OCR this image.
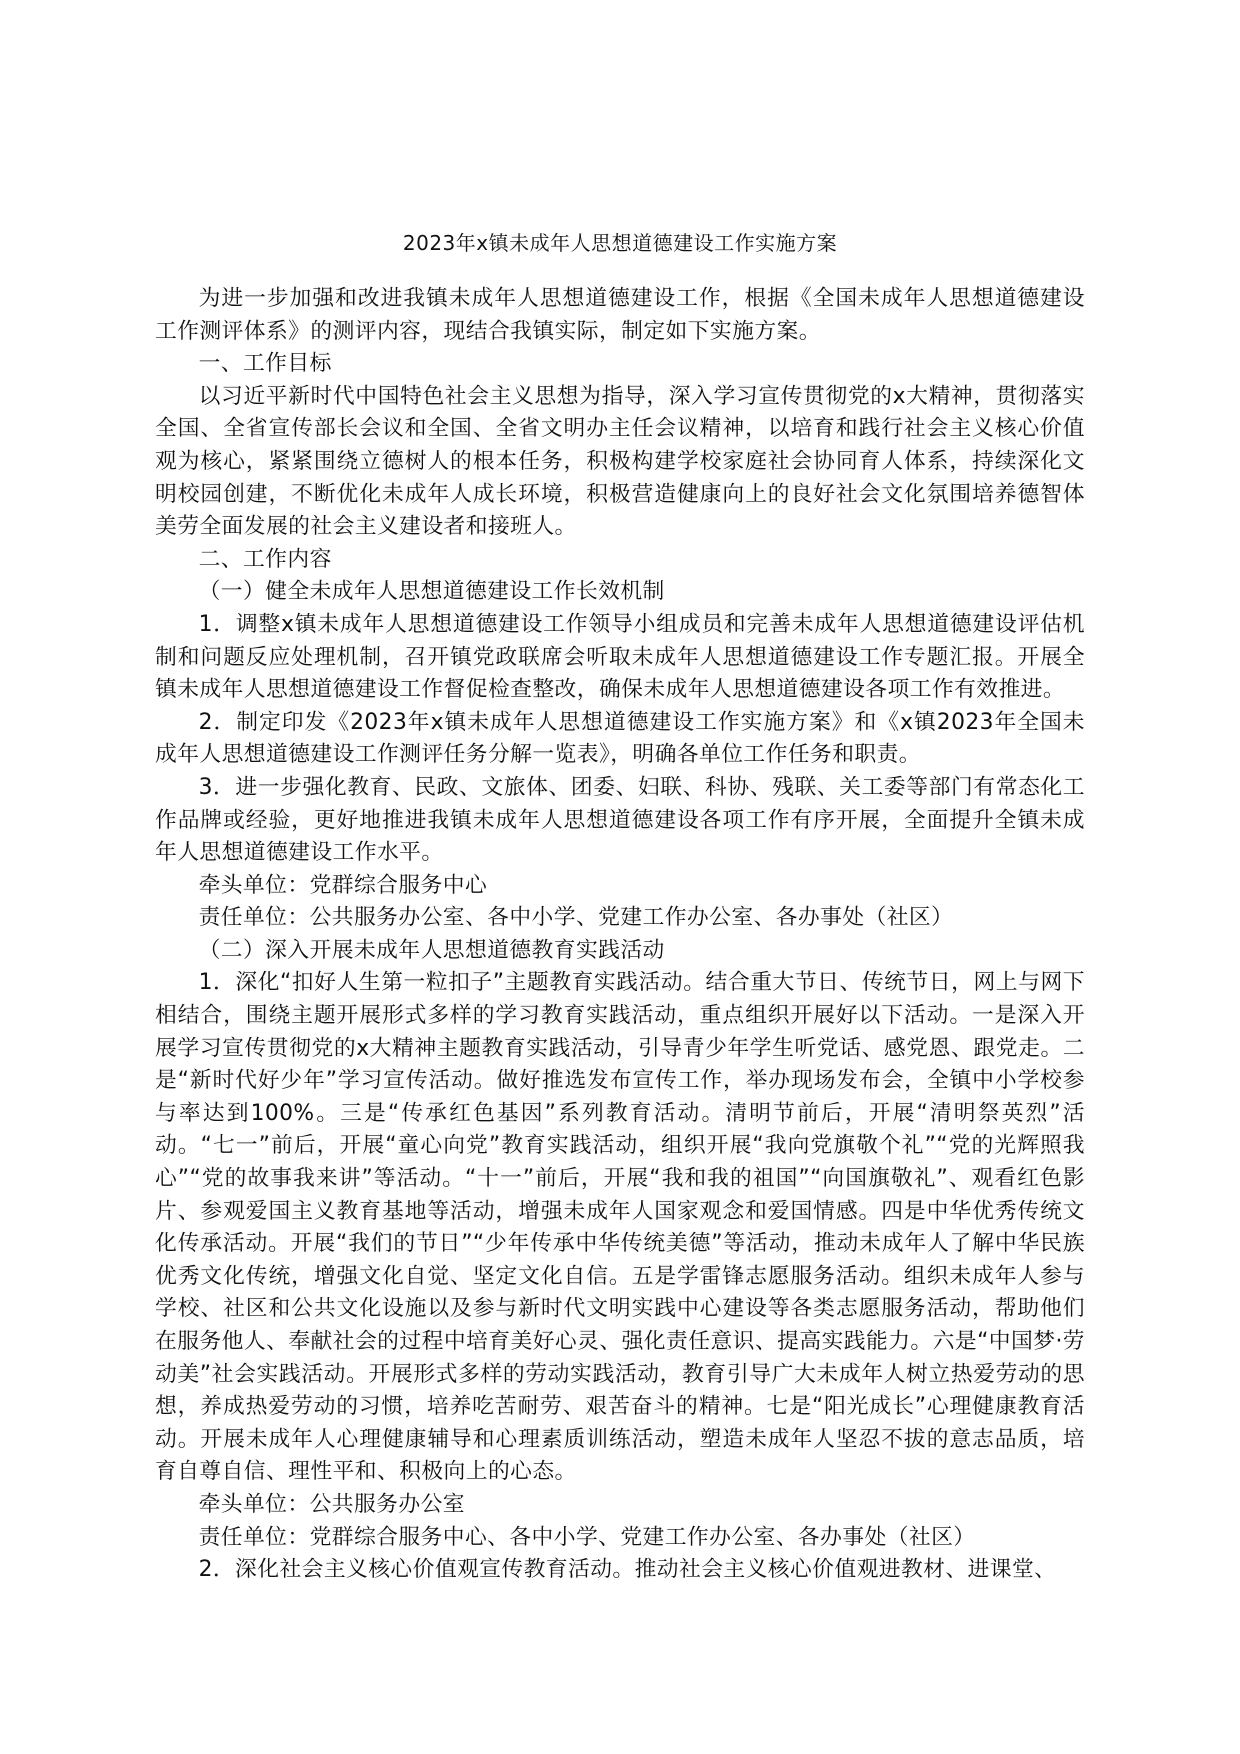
2023年x镇未成年人思想道德建设工作实施方案

为进一步加强和改进我镇未成年人思想道德建设工作，根据《全国未成年人思想道德建设工作测评体系》的测评内容，现结合我镇实际，制定如下实施方案。

一、工作目标

以习近平新时代中国特色社会主义思想为指导，深入学习宣传贯彻党的x大精神，贯彻落实全国、全省宣传部长会议和全国、全省文明办主任会议精神，以培育和践行社会主义核心价值观为核心，紧紧围绕立德树人的根本任务，积极构建学校家庭社会协同育人体系，持续深化文明校园创建，不断优化未成年人成长环境，积极营造健康向上的良好社会文化氛围培养德智体美劳全面发展的社会主义建设者和接班人。

二、工作内容

（一）健全未成年人思想道德建设工作长效机制

1．调整x镇未成年人思想道德建设工作领导小组成员和完善未成年人思想道德建设评估机制和问题反应处理机制，召开镇党政联席会听取未成年人思想道德建设工作专题汇报。开展全镇未成年人思想道德建设工作督促检查整改，确保未成年人思想道德建设各项工作有效推进。

2．制定印发《2023年x镇未成年人思想道德建设工作实施方案》和《x镇2023年全国未成年人思想道德建设工作测评任务分解一览表》，明确各单位工作任务和职责。

3．进一步强化教育、民政、文旅体、团委、妇联、科协、残联、关工委等部门有常态化工作品牌或经验，更好地推进我镇未成年人思想道德建设各项工作有序开展，全面提升全镇未成年人思想道德建设工作水平。

牵头单位：党群综合服务中心

责任单位：公共服务办公室、各中小学、党建工作办公室、各办事处（社区）

（二）深入开展未成年人思想道德教育实践活动

1．深化“扣好人生第一粒扣子”主题教育实践活动。结合重大节日、传统节日，网上与网下相结合，围绕主题开展形式多样的学习教育实践活动，重点组织开展好以下活动。一是深入开展学习宣传贯彻党的x大精神主题教育实践活动，引导青少年学生听党话、感党恩、跟党走。二是“新时代好少年”学习宣传活动。做好推选发布宣传工作，举办现场发布会，全镇中小学校参与率达到100%。三是“传承红色基因”系列教育活动。清明节前后，开展“清明祭英烈”活动。“七一”前后，开展“童心向党”教育实践活动，组织开展“我向党旗敬个礼”“党的光辉照我心”“党的故事我来讲”等活动。“十一”前后，开展“我和我的祖国”“向国旗敬礼”、观看红色影片、参观爱国主义教育基地等活动，增强未成年人国家观念和爱国情感。四是中华优秀传统文化传承活动。开展“我们的节日”“少年传承中华传统美德”等活动，推动未成年人了解中华民族优秀文化传统，增强文化自觉、坚定文化自信。五是学雷锋志愿服务活动。组织未成年人参与学校、社区和公共文化设施以及参与新时代文明实践中心建设等各类志愿服务活动，帮助他们在服务他人、奉献社会的过程中培育美好心灵、强化责任意识、提高实践能力。六是“中国梦·劳动美”社会实践活动。开展形式多样的劳动实践活动，教育引导广大未成年人树立热爱劳动的思想，养成热爱劳动的习惯，培养吃苦耐劳、艰苦奋斗的精神。七是“阳光成长”心理健康教育活动。开展未成年人心理健康辅导和心理素质训练活动，塑造未成年人坚忍不拔的意志品质，培育自尊自信、理性平和、积极向上的心态。

牵头单位：公共服务办公室

责任单位：党群综合服务中心、各中小学、党建工作办公室、各办事处（社区）

2．深化社会主义核心价值观宣传教育活动。推动社会主义核心价值观进教材、进课堂、
